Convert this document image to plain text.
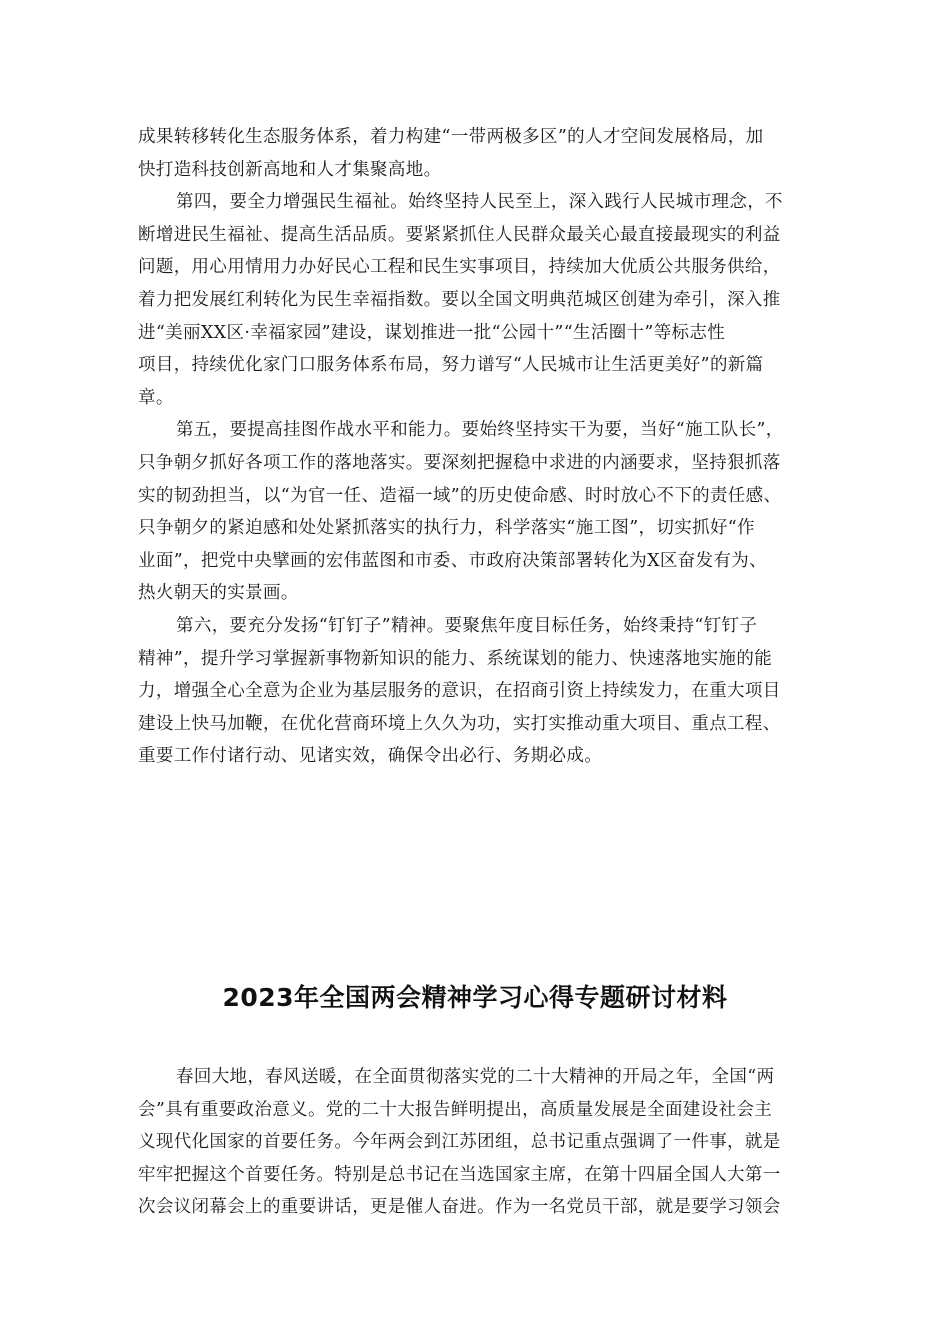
成果转移转化生态服务体系，着力构建“一带两极多区”的人才空间发展格局，加
快打造科技创新高地和人才集聚高地。
第四，要全力增强民生福祉。始终坚持人民至上，深入践行人民城市理念，不
断增进民生福祉、提高生活品质。要紧紧抓住人民群众最关心最直接最现实的利益
问题，用心用情用力办好民心工程和民生实事项目，持续加大优质公共服务供给，
着力把发展红利转化为民生幸福指数。要以全国文明典范城区创建为牵引，深入推
进“美丽XX区·幸福家园”建设，谋划推进一批“公园十”“生活圈十”等标志性
项目，持续优化家门口服务体系布局，努力谱写“人民城市让生活更美好”的新篇
章。
第五，要提高挂图作战水平和能力。要始终坚持实干为要，当好“施工队长”，
只争朝夕抓好各项工作的落地落实。要深刻把握稳中求进的内涵要求，坚持狠抓落
实的韧劲担当，以“为官一任、造福一域”的历史使命感、时时放心不下的责任感、
只争朝夕的紧迫感和处处紧抓落实的执行力，科学落实“施工图”，切实抓好“作
业面”，把党中央擘画的宏伟蓝图和市委、市政府决策部署转化为X区奋发有为、
热火朝天的实景画。
第六，要充分发扬“钉钉子”精神。要聚焦年度目标任务，始终秉持“钉钉子
精神”，提升学习掌握新事物新知识的能力、系统谋划的能力、快速落地实施的能
力，增强全心全意为企业为基层服务的意识，在招商引资上持续发力，在重大项目
建设上快马加鞭，在优化营商环境上久久为功，实打实推动重大项目、重点工程、
重要工作付诸行动、见诸实效，确保令出必行、务期必成。
2023年全国两会精神学习心得专题研讨材料
春回大地，春风送暖，在全面贯彻落实党的二十大精神的开局之年，全国“两
会”具有重要政治意义。党的二十大报告鲜明提出，高质量发展是全面建设社会主
义现代化国家的首要任务。今年两会到江苏团组，总书记重点强调了一件事，就是
牢牢把握这个首要任务。特别是总书记在当选国家主席，在第十四届全国人大第一
次会议闭幕会上的重要讲话，更是催人奋进。作为一名党员干部，就是要学习领会
